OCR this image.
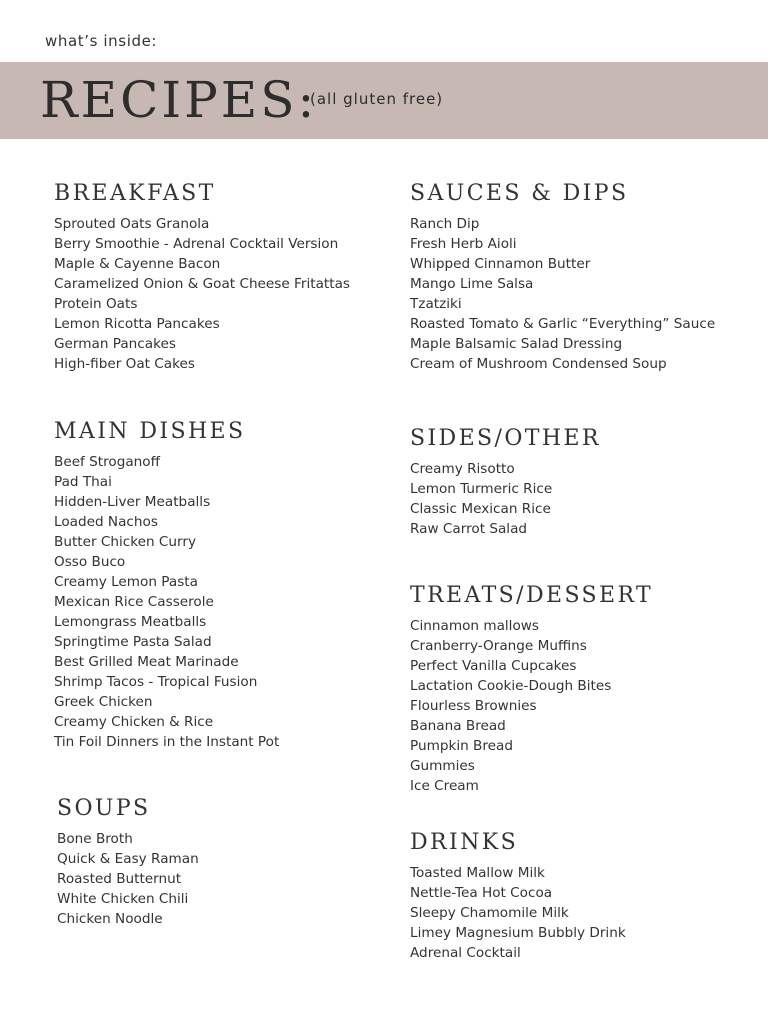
what’s inside:
RECIPES:
(all gluten free)
BREAKFAST
Sprouted Oats Granola
Berry Smoothie - Adrenal Cocktail Version
Maple & Cayenne Bacon
Caramelized Onion & Goat Cheese Fritattas
Protein Oats
Lemon Ricotta Pancakes
German Pancakes
High-fiber Oat Cakes
SAUCES & DIPS
Ranch Dip
Fresh Herb Aioli
Whipped Cinnamon Butter
Mango Lime Salsa
Tzatziki
Roasted Tomato & Garlic “Everything” Sauce
Maple Balsamic Salad Dressing
Cream of Mushroom Condensed Soup
MAIN DISHES
Beef Stroganoff
Pad Thai
Hidden-Liver Meatballs
Loaded Nachos
Butter Chicken Curry
Osso Buco
Creamy Lemon Pasta
Mexican Rice Casserole
Lemongrass Meatballs
Springtime Pasta Salad
Best Grilled Meat Marinade
Shrimp Tacos - Tropical Fusion
Greek Chicken
Creamy Chicken & Rice
Tin Foil Dinners in the Instant Pot
SIDES/OTHER
Creamy Risotto
Lemon Turmeric Rice
Classic Mexican Rice
Raw Carrot Salad
TREATS/DESSERT
Cinnamon mallows
Cranberry-Orange Muffins
Perfect Vanilla Cupcakes
Lactation Cookie-Dough Bites
Flourless Brownies
Banana Bread
Pumpkin Bread
Gummies
Ice Cream
SOUPS
Bone Broth
Quick & Easy Raman
Roasted Butternut
White Chicken Chili
Chicken Noodle
DRINKS
Toasted Mallow Milk
Nettle-Tea Hot Cocoa
Sleepy Chamomile Milk
Limey Magnesium Bubbly Drink
Adrenal Cocktail
